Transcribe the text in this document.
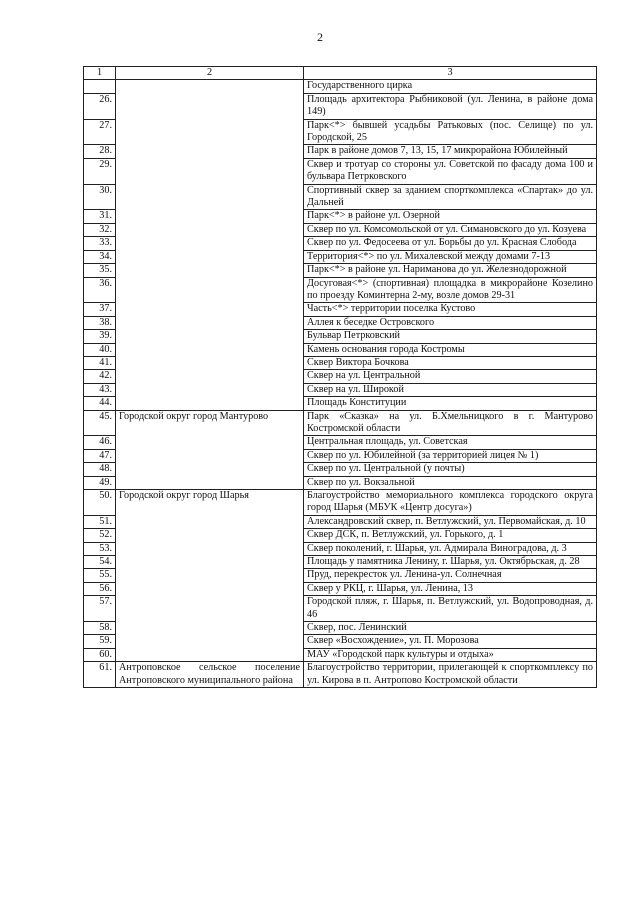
2
1	2	3
		Государственного цирка
26.		Площадь архитектора Рыбниковой (ул. Ленина, в районе дома 149)
27.		Парк<*> бывшей усадьбы Ратьковых (пос. Селище) по ул. Городской, 25
28.		Парк в районе домов 7, 13, 15, 17 микрорайона Юбилейный
29.		Сквер и тротуар со стороны ул. Советской по фасаду дома 100 и бульвара Петрковского
30.		Спортивный сквер за зданием спорткомплекса «Спартак» до ул. Дальней
31.		Парк<*> в районе ул. Озерной
32.		Сквер по ул. Комсомольской от ул. Симановского до ул. Козуева
33.		Сквер по ул. Федосеева от ул. Борьбы до ул. Красная Слобода
34.		Территория<*> по ул. Михалевской между домами 7-13
35.		Парк<*> в районе ул. Нариманова до ул. Железнодорожной
36.		Досуговая<*> (спортивная) площадка в микрорайоне Козелино по проезду Коминтерна 2-му, возле домов 29-31
37.		Часть<*> территории поселка Кустово
38.		Аллея к беседке Островского
39.		Бульвар Петрковский
40.		Камень основания города Костромы
41.		Сквер Виктора Бочкова
42.		Сквер на ул. Центральной
43.		Сквер на ул. Широкой
44.		Площадь Конституции
45.	Городской округ город Мантурово	Парк «Сказка» на ул. Б.Хмельницкого в г. Мантурово Костромской области
46.		Центральная площадь, ул. Советская
47.		Сквер по ул. Юбилейной (за территорией лицея № 1)
48.		Сквер по ул. Центральной (у почты)
49.		Сквер по ул. Вокзальной
50.	Городской округ город Шарья	Благоустройство мемориального комплекса городского округа город Шарья (МБУК «Центр досуга»)
51.		Александровский сквер, п. Ветлужский, ул. Первомайская, д. 10
52.		Сквер ДСК, п. Ветлужский, ул. Горького, д. 1
53.		Сквер поколений, г. Шарья, ул. Адмирала Виноградова, д. 3
54.		Площадь у памятника Ленину, г. Шарья, ул. Октябрьская, д. 28
55.		Пруд, перекресток ул. Ленина-ул. Солнечная
56.		Сквер у РКЦ, г. Шарья, ул. Ленина, 13
57.		Городской пляж, г. Шарья, п. Ветлужский, ул. Водопроводная, д. 46
58.		Сквер, пос. Ленинский
59.		Сквер «Восхождение», ул. П. Морозова
60.		МАУ «Городской парк культуры и отдыха»
61.	Антроповское сельское поселение Антроповского муниципального района	Благоустройство территории, прилегающей к спорткомплексу по ул. Кирова в п. Антропово Костромской области
